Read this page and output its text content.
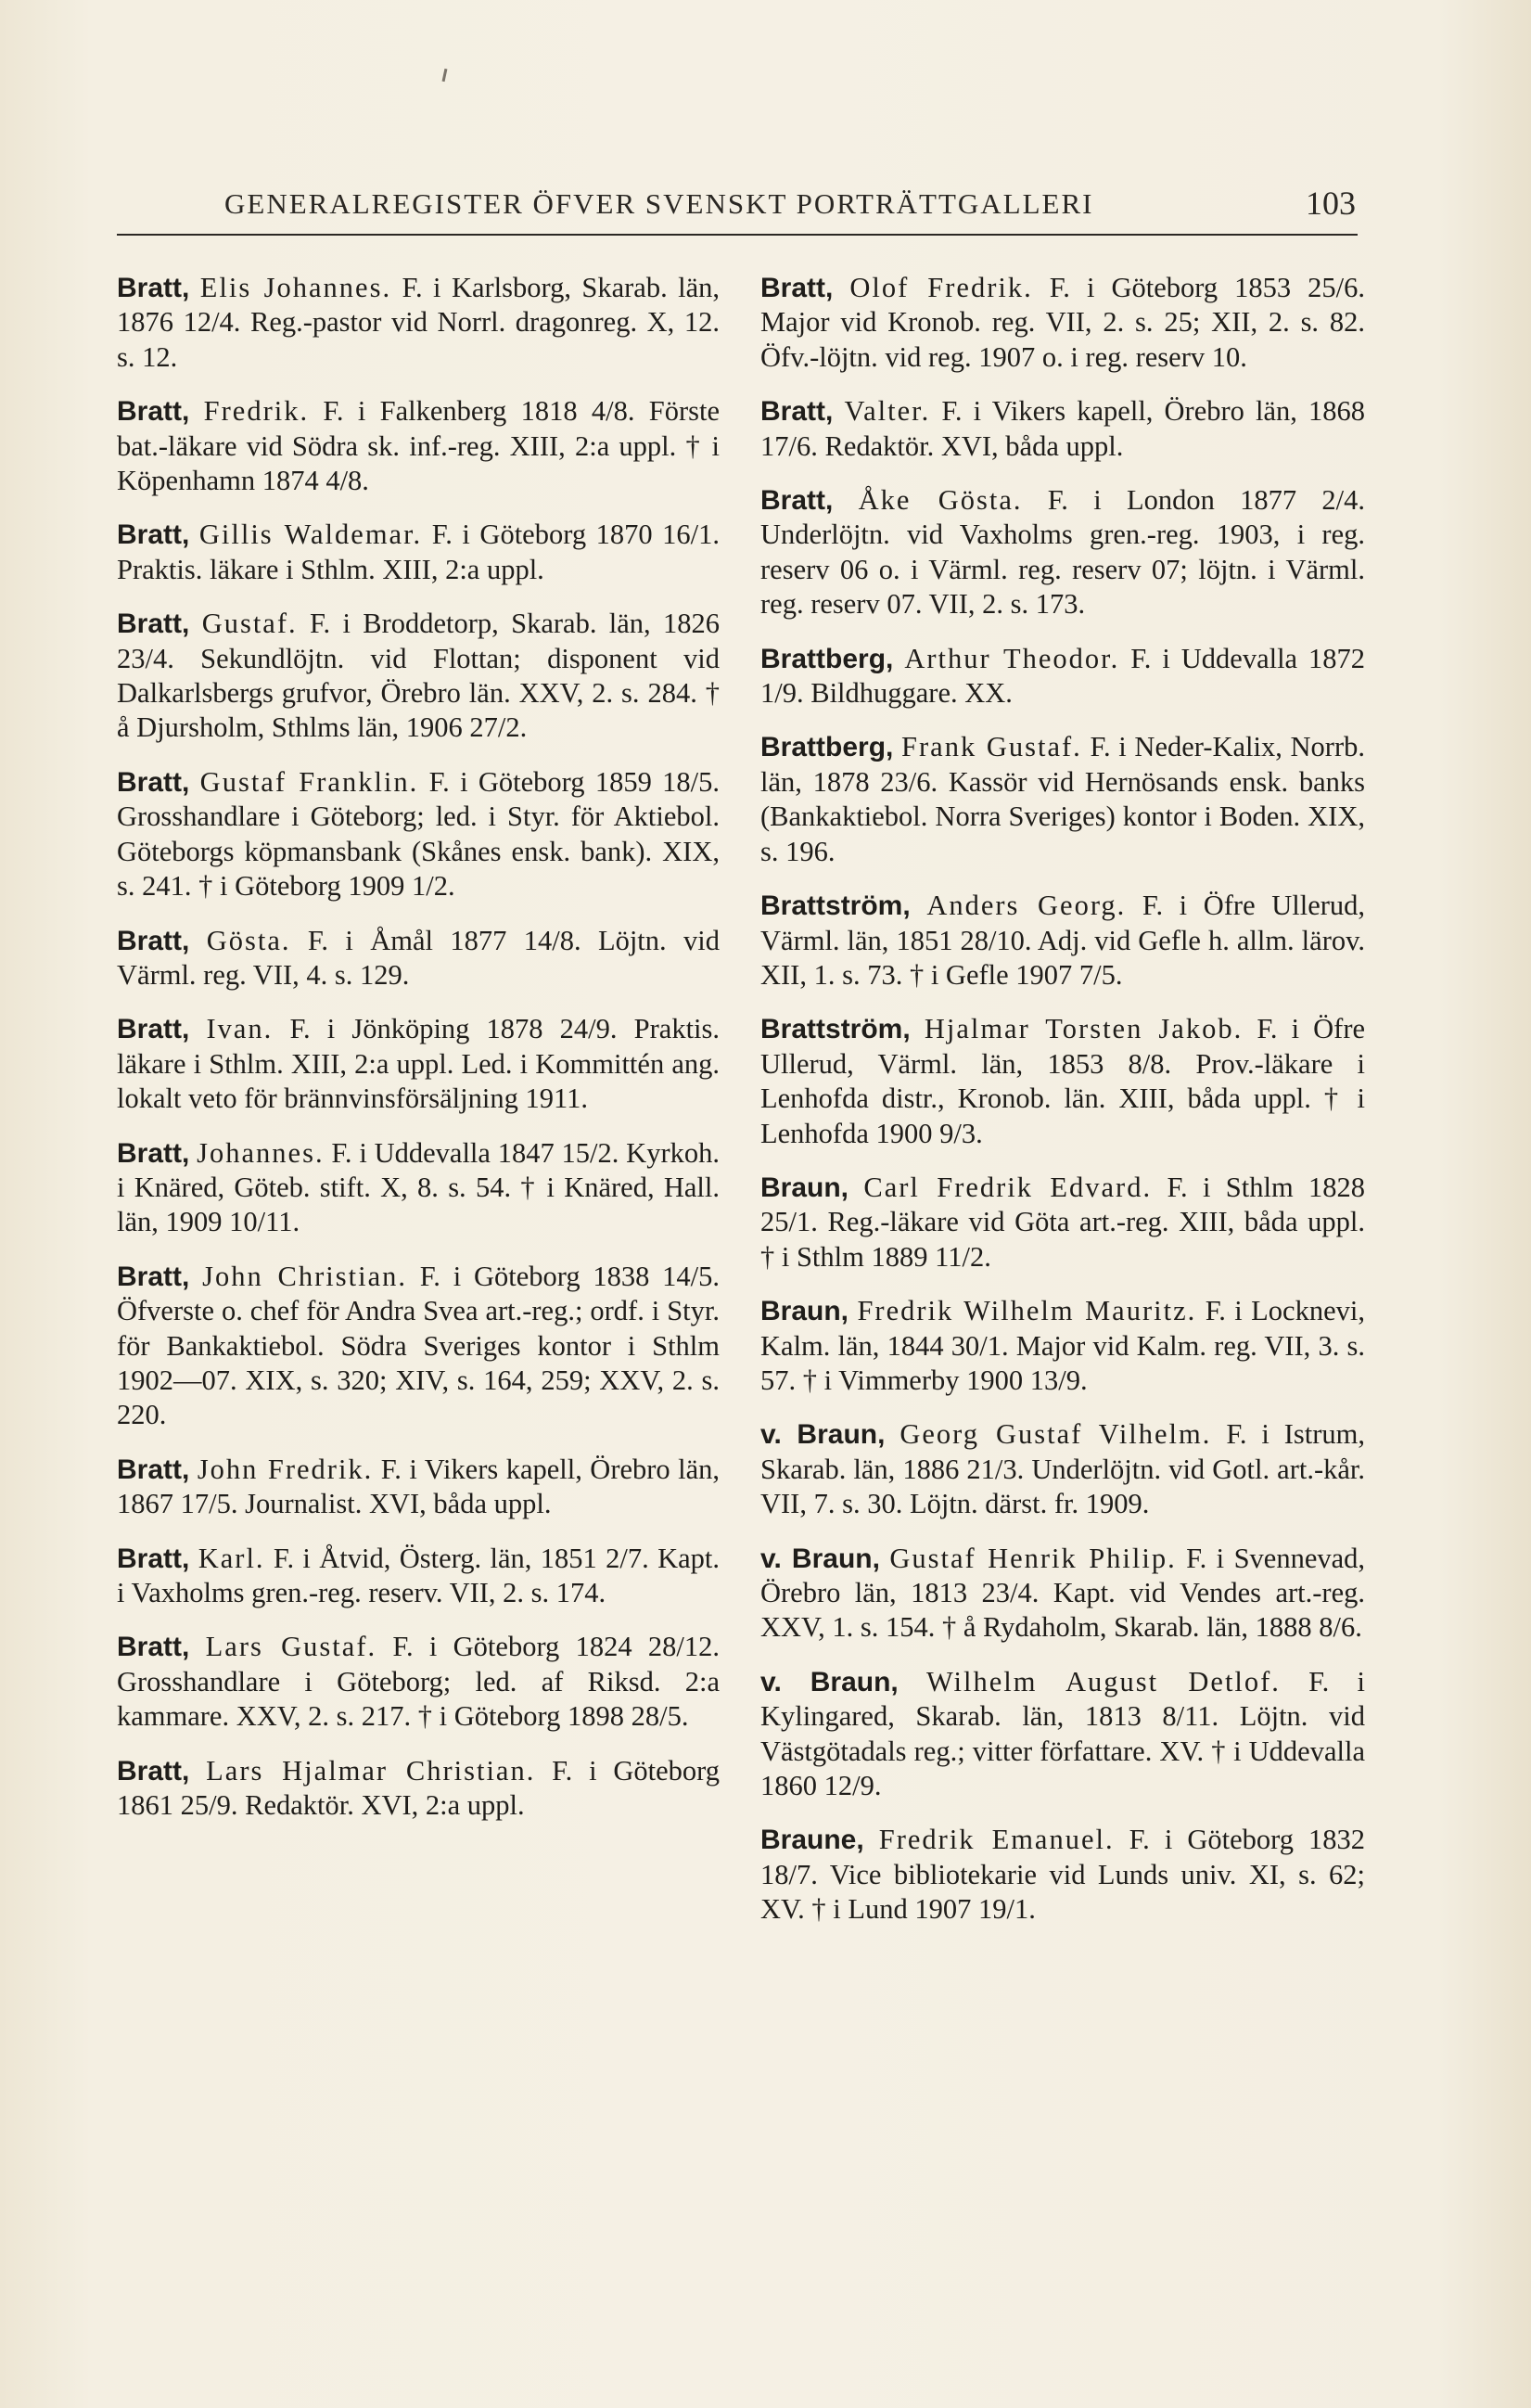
GENERALREGISTER ÖFVER SVENSKT PORTRÄTTGALLERI	103

Bratt, Elis Johannes. F. i Karlsborg, Skarab. län, 1876 12/4. Reg.-pastor vid Norrl. dragonreg. X, 12. s. 12.

Bratt, Fredrik. F. i Falkenberg 1818 4/8. Förste bat.-läkare vid Södra sk. inf.-reg. XIII, 2:a uppl. † i Köpenhamn 1874 4/8.

Bratt, Gillis Waldemar. F. i Göteborg 1870 16/1. Praktis. läkare i Sthlm. XIII, 2:a uppl.

Bratt, Gustaf. F. i Broddetorp, Skarab. län, 1826 23/4. Sekundlöjtn. vid Flottan; disponent vid Dalkarlsbergs grufvor, Örebro län. XXV, 2. s. 284. † å Djursholm, Sthlms län, 1906 27/2.

Bratt, Gustaf Franklin. F. i Göteborg 1859 18/5. Grosshandlare i Göteborg; led. i Styr. för Aktiebol. Göteborgs köpmansbank (Skånes ensk. bank). XIX, s. 241. † i Göteborg 1909 1/2.

Bratt, Gösta. F. i Åmål 1877 14/8. Löjtn. vid Värml. reg. VII, 4. s. 129.

Bratt, Ivan. F. i Jönköping 1878 24/9. Praktis. läkare i Sthlm. XIII, 2:a uppl. Led. i Kommittén ang. lokalt veto för brännvinsförsäljning 1911.

Bratt, Johannes. F. i Uddevalla 1847 15/2. Kyrkoh. i Knäred, Göteb. stift. X, 8. s. 54. † i Knäred, Hall. län, 1909 10/11.

Bratt, John Christian. F. i Göteborg 1838 14/5. Öfverste o. chef för Andra Svea art.-reg.; ordf. i Styr. för Bankaktiebol. Södra Sveriges kontor i Sthlm 1902—07. XIX, s. 320; XIV, s. 164, 259; XXV, 2. s. 220.

Bratt, John Fredrik. F. i Vikers kapell, Örebro län, 1867 17/5. Journalist. XVI, båda uppl.

Bratt, Karl. F. i Åtvid, Österg. län, 1851 2/7. Kapt. i Vaxholms gren.-reg. reserv. VII, 2. s. 174.

Bratt, Lars Gustaf. F. i Göteborg 1824 28/12. Grosshandlare i Göteborg; led. af Riksd. 2:a kammare. XXV, 2. s. 217. † i Göteborg 1898 28/5.

Bratt, Lars Hjalmar Christian. F. i Göteborg 1861 25/9. Redaktör. XVI, 2:a uppl.

Bratt, Olof Fredrik. F. i Göteborg 1853 25/6. Major vid Kronob. reg. VII, 2. s. 25; XII, 2. s. 82. Öfv.-löjtn. vid reg. 1907 o. i reg. reserv 10.

Bratt, Valter. F. i Vikers kapell, Örebro län, 1868 17/6. Redaktör. XVI, båda uppl.

Bratt, Åke Gösta. F. i London 1877 2/4. Underlöjtn. vid Vaxholms gren.-reg. 1903, i reg. reserv 06 o. i Värml. reg. reserv 07; löjtn. i Värml. reg. reserv 07. VII, 2. s. 173.

Brattberg, Arthur Theodor. F. i Uddevalla 1872 1/9. Bildhuggare. XX.

Brattberg, Frank Gustaf. F. i Neder-Kalix, Norrb. län, 1878 23/6. Kassör vid Hernösands ensk. banks (Bankaktiebol. Norra Sveriges) kontor i Boden. XIX, s. 196.

Brattström, Anders Georg. F. i Öfre Ullerud, Värml. län, 1851 28/10. Adj. vid Gefle h. allm. lärov. XII, 1. s. 73. † i Gefle 1907 7/5.

Brattström, Hjalmar Torsten Jakob. F. i Öfre Ullerud, Värml. län, 1853 8/8. Prov.-läkare i Lenhofda distr., Kronob. län. XIII, båda uppl. † i Lenhofda 1900 9/3.

Braun, Carl Fredrik Edvard. F. i Sthlm 1828 25/1. Reg.-läkare vid Göta art.-reg. XIII, båda uppl. † i Sthlm 1889 11/2.

Braun, Fredrik Wilhelm Mauritz. F. i Locknevi, Kalm. län, 1844 30/1. Major vid Kalm. reg. VII, 3. s. 57. † i Vimmerby 1900 13/9.

v. Braun, Georg Gustaf Vilhelm. F. i Istrum, Skarab. län, 1886 21/3. Underlöjtn. vid Gotl. art.-kår. VII, 7. s. 30. Löjtn. därst. fr. 1909.

v. Braun, Gustaf Henrik Philip. F. i Svennevad, Örebro län, 1813 23/4. Kapt. vid Vendes art.-reg. XXV, 1. s. 154. † å Rydaholm, Skarab. län, 1888 8/6.

v. Braun, Wilhelm August Detlof. F. i Kylingared, Skarab. län, 1813 8/11. Löjtn. vid Västgötadals reg.; vitter författare. XV. † i Uddevalla 1860 12/9.

Braune, Fredrik Emanuel. F. i Göteborg 1832 18/7. Vice bibliotekarie vid Lunds univ. XI, s. 62; XV. † i Lund 1907 19/1.
